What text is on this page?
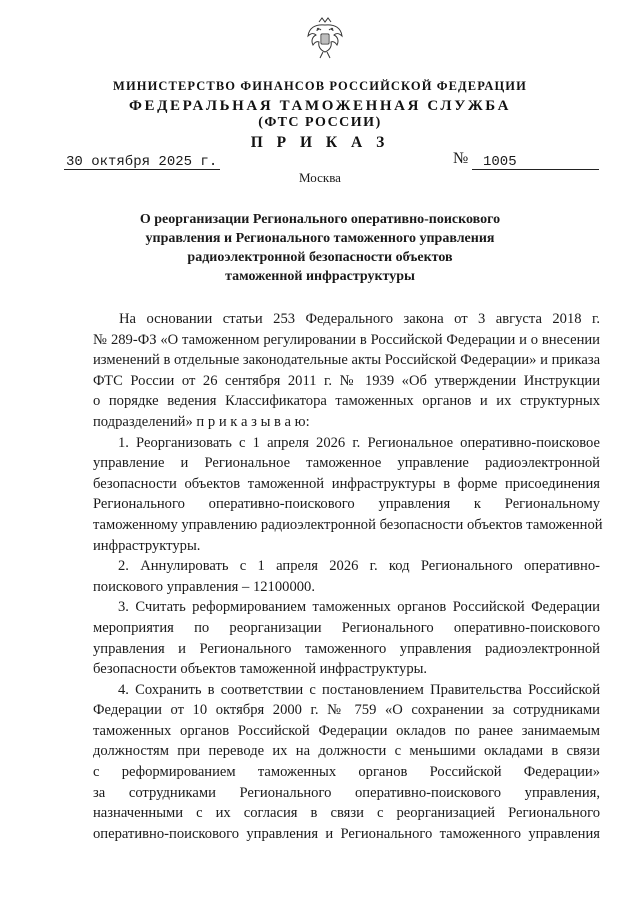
МИНИСТЕРСТВО ФИНАНСОВ РОССИЙСКОЙ ФЕДЕРАЦИИ
ФЕДЕРАЛЬНАЯ ТАМОЖЕННАЯ СЛУЖБА
(ФТС РОССИИ)
П Р И К А З
30 октября 2025 г.	№ 1005
Москва
О реорганизации Регионального оперативно-поискового
управления и Регионального таможенного управления
радиоэлектронной безопасности объектов
таможенной инфраструктуры
На основании статьи 253 Федерального закона от 3 августа 2018 г.
№ 289-ФЗ «О таможенном регулировании в Российской Федерации и о внесении
изменений в отдельные законодательные акты Российской Федерации» и приказа
ФТС России от 26 сентября 2011 г. № 1939 «Об утверждении Инструкции
о порядке ведения Классификатора таможенных органов и их структурных
подразделений» п р и к а з ы в а ю:
1. Реорганизовать с 1 апреля 2026 г. Региональное оперативно-поисковое
управление и Региональное таможенное управление радиоэлектронной
безопасности объектов таможенной инфраструктуры в форме присоединения
Регионального оперативно-поискового управления к Региональному
таможенному управлению радиоэлектронной безопасности объектов таможенной
инфраструктуры.
2. Аннулировать с 1 апреля 2026 г. код Регионального оперативно-
поискового управления – 12100000.
3. Считать реформированием таможенных органов Российской Федерации
мероприятия по реорганизации Регионального оперативно-поискового
управления и Регионального таможенного управления радиоэлектронной
безопасности объектов таможенной инфраструктуры.
4. Сохранить в соответствии с постановлением Правительства Российской
Федерации от 10 октября 2000 г. № 759 «О сохранении за сотрудниками
таможенных органов Российской Федерации окладов по ранее занимаемым
должностям при переводе их на должности с меньшими окладами в связи
с реформированием таможенных органов Российской Федерации»
за сотрудниками Регионального оперативно-поискового управления,
назначенными с их согласия в связи с реорганизацией Регионального
оперативно-поискового управления и Регионального таможенного управления
